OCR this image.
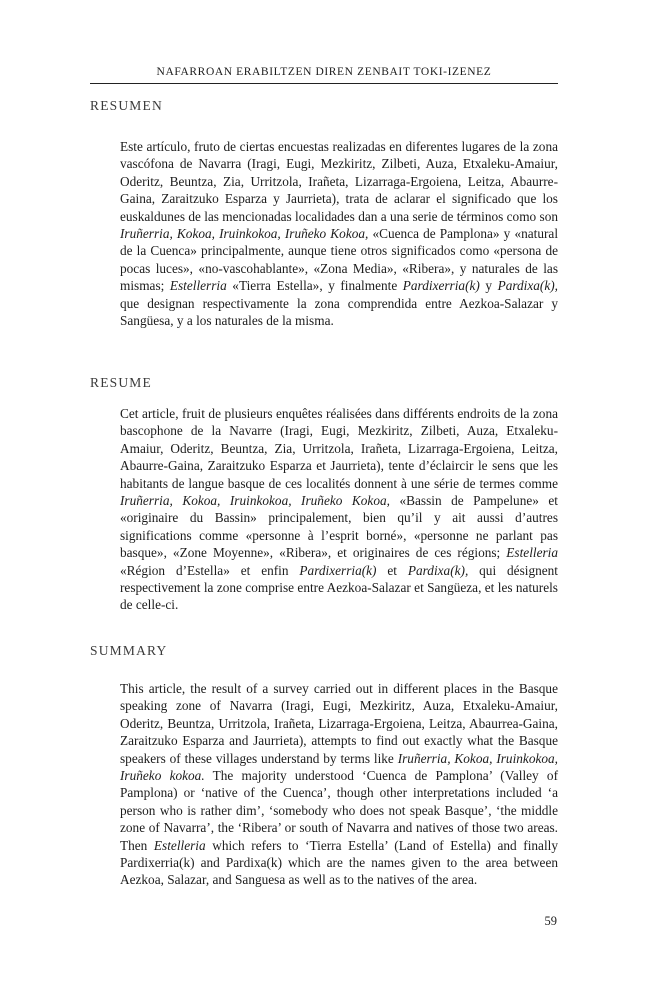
NAFARROAN ERABILTZEN DIREN ZENBAIT TOKI-IZENEZ
RESUMEN

Este artículo, fruto de ciertas encuestas realizadas en diferentes lugares de la zona vascófona de Navarra (Iragi, Eugi, Mezkiritz, Zilbeti, Auza, Etxaleku-Amaiur, Oderitz, Beuntza, Zia, Urritzola, Irañeta, Lizarraga-Ergoiena, Leitza, Abaurre-Gaina, Zaraitzuko Esparza y Jaurrieta), trata de aclarar el significado que los euskaldunes de las mencionadas localidades dan a una serie de términos como son Iruñerria, Kokoa, Iruinkokoa, Iruñeko Kokoa, «Cuenca de Pamplona» y «natural de la Cuenca» principalmente, aunque tiene otros significados como «persona de pocas luces», «no-vascohablante», «Zona Media», «Ribera», y naturales de las mismas; Estellerria «Tierra Estella», y finalmente Pardixerria(k) y Pardixa(k), que designan respectivamente la zona comprendida entre Aezkoa-Salazar y Sangüesa, y a los naturales de la misma.

RESUME

Cet article, fruit de plusieurs enquêtes réalisées dans différents endroits de la zona bascophone de la Navarre (Iragi, Eugi, Mezkiritz, Zilbeti, Auza, Etxaleku-Amaiur, Oderitz, Beuntza, Zia, Urritzola, Irañeta, Lizarraga-Ergoiena, Leitza, Abaurre-Gaina, Zaraitzuko Esparza et Jaurrieta), tente d’éclaircir le sens que les habitants de langue basque de ces localités donnent à une série de termes comme Iruñerria, Kokoa, Iruinkokoa, Iruñeko Kokoa, «Bassin de Pampelune» et «originaire du Bassin» principalement, bien qu’il y ait aussi d’autres significations comme «personne à l’esprit borné», «personne ne parlant pas basque», «Zone Moyenne», «Ribera», et originaires de ces régions; Estelleria «Région d’Estella» et enfin Pardixerria(k) et Pardixa(k), qui désignent respectivement la zone comprise entre Aezkoa-Salazar et Sangüeza, et les naturels de celle-ci.

SUMMARY

This article, the result of a survey carried out in different places in the Basque speaking zone of Navarra (Iragi, Eugi, Mezkiritz, Auza, Etxaleku-Amaiur, Oderitz, Beuntza, Urritzola, Irañeta, Lizarraga-Ergoiena, Leitza, Abaurrea-Gaina, Zaraitzuko Esparza and Jaurrieta), attempts to find out exactly what the Basque speakers of these villages understand by terms like Iruñerria, Kokoa, Iruinkokoa, Iruñeko kokoa. The majority understood ‘Cuenca de Pamplona’ (Valley of Pamplona) or ‘native of the Cuenca’, though other interpretations included ‘a person who is rather dim’, ‘somebody who does not speak Basque’, ‘the middle zone of Navarra’, the ‘Ribera’ or south of Navarra and natives of those two areas. Then Estelleria which refers to ‘Tierra Estella’ (Land of Estella) and finally Pardixerria(k) and Pardixa(k) which are the names given to the area between Aezkoa, Salazar, and Sanguesa as well as to the natives of the area.

59
